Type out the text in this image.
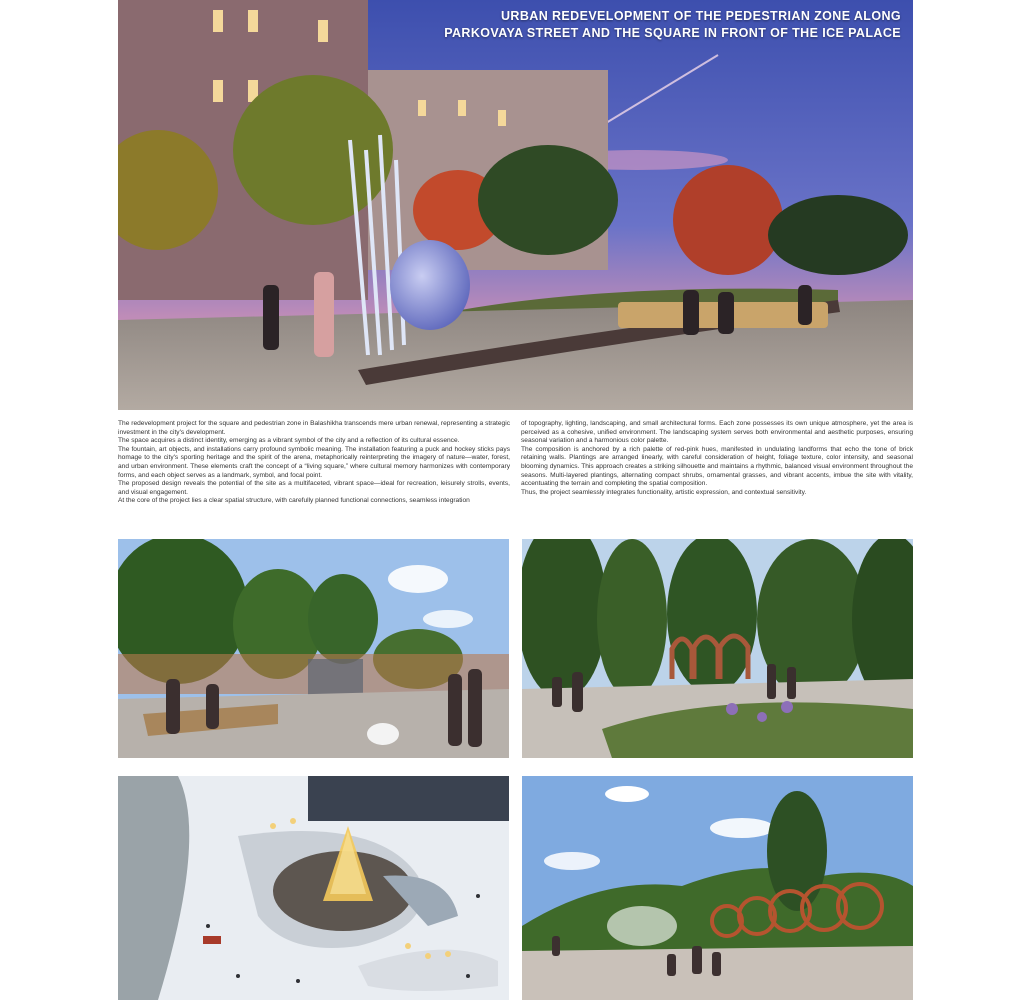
URBAN REDEVELOPMENT OF THE PEDESTRIAN ZONE ALONG
PARKOVAYA STREET AND THE SQUARE IN FRONT OF THE ICE PALACE

The redevelopment project for the square and pedestrian zone in Balashikha transcends mere urban renewal, representing a strategic investment in the city's development.

The space acquires a distinct identity, emerging as a vibrant symbol of the city and a reflection of its cultural essence.

The fountain, art objects, and installations carry profound symbolic meaning. The installation featuring a puck and hockey sticks pays homage to the city's sporting heritage and the spirit of the arena, metaphorically reinterpreting the imagery of nature—water, forest, and urban environment. These elements craft the concept of a “living square,” where cultural memory harmonizes with contemporary forms, and each object serves as a landmark, symbol, and focal point.

The proposed design reveals the potential of the site as a multifaceted, vibrant space—ideal for recreation, leisurely strolls, events, and visual engagement.

At the core of the project lies a clear spatial structure, with carefully planned functional connections, seamless integration

of topography, lighting, landscaping, and small architectural forms. Each zone possesses its own unique atmosphere, yet the area is perceived as a cohesive, unified environment. The landscaping system serves both environmental and aesthetic purposes, ensuring seasonal variation and a harmonious color palette.

The composition is anchored by a rich palette of red-pink hues, manifested in undulating landforms that echo the tone of brick retaining walls. Plantings are arranged linearly, with careful consideration of height, foliage texture, color intensity, and seasonal blooming dynamics. This approach creates a striking silhouette and maintains a rhythmic, balanced visual environment throughout the seasons. Multi-layered plantings, alternating compact shrubs, ornamental grasses, and vibrant accents, imbue the site with vitality, accentuating the terrain and completing the spatial composition.

Thus, the project seamlessly integrates functionality, artistic expression, and contextual sensitivity.
